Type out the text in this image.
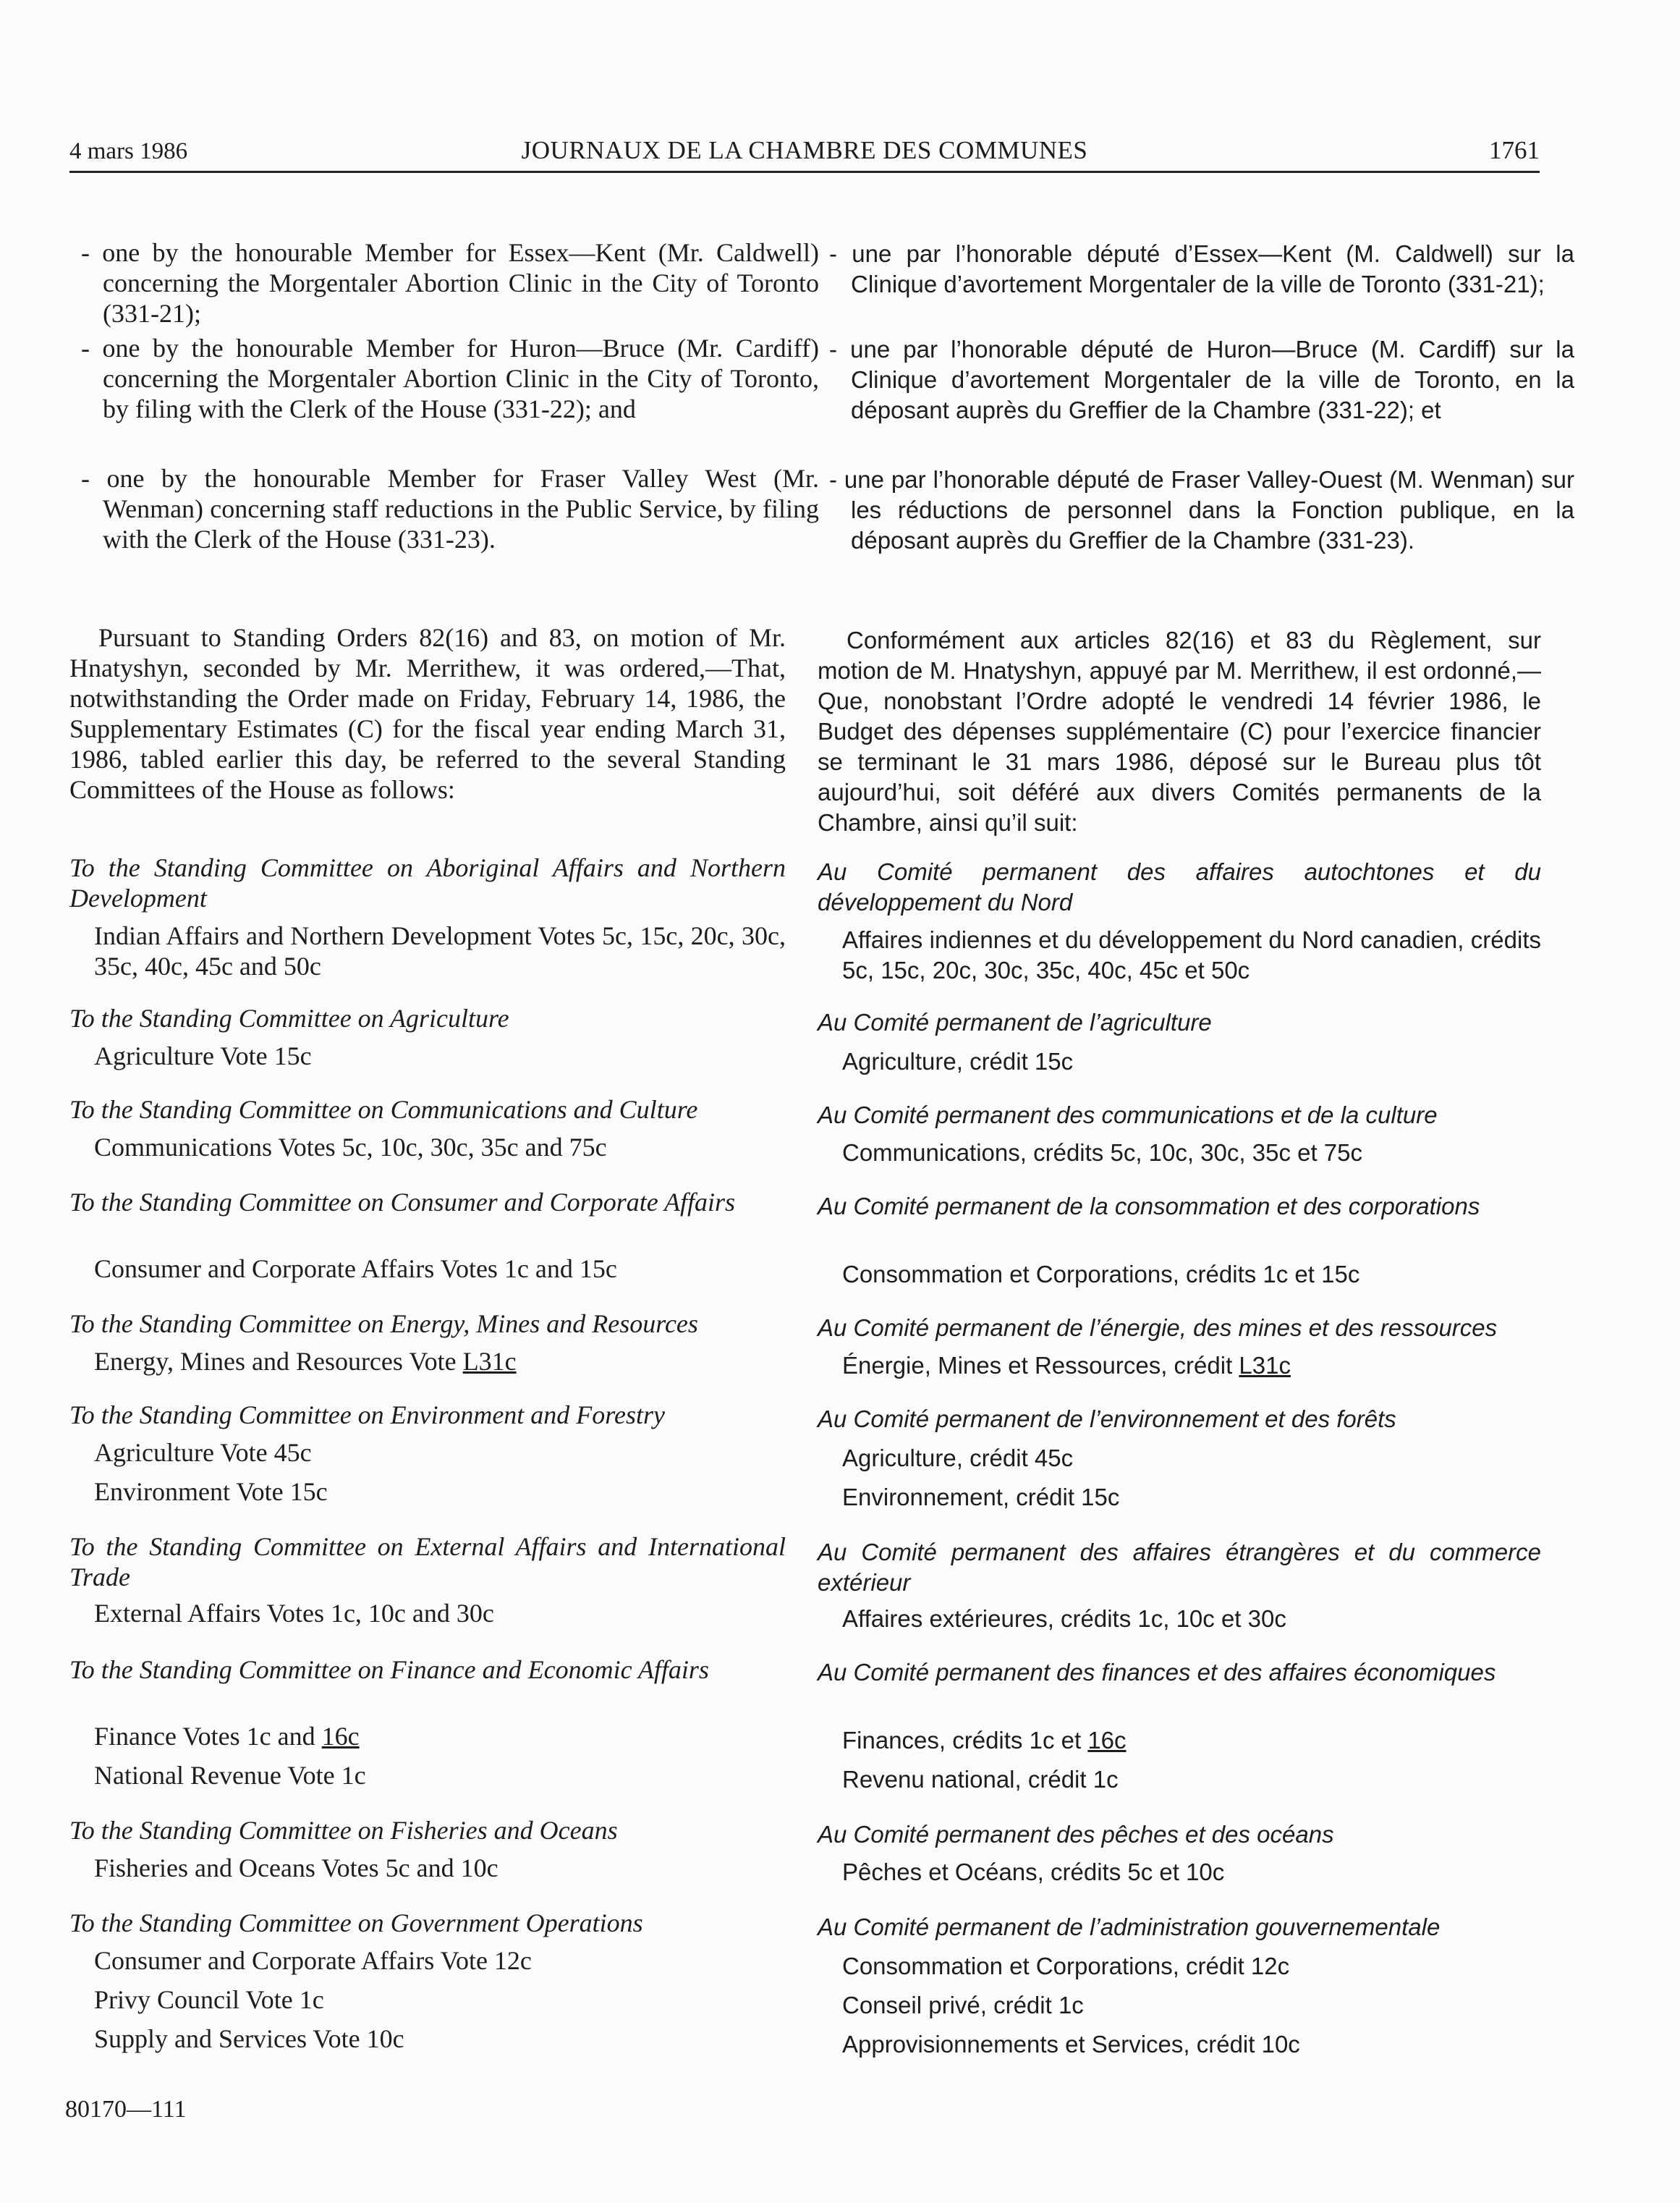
4 mars 1986	JOURNAUX DE LA CHAMBRE DES COMMUNES	1761
- one by the honourable Member for Essex—Kent (Mr. Caldwell) concerning the Morgentaler Abortion Clinic in the City of Toronto (331-21);
- one by the honourable Member for Huron—Bruce (Mr. Cardiff) concerning the Morgentaler Abortion Clinic in the City of Toronto, by filing with the Clerk of the House (331-22); and
- one by the honourable Member for Fraser Valley West (Mr. Wenman) concerning staff reductions in the Public Service, by filing with the Clerk of the House (331-23).
Pursuant to Standing Orders 82(16) and 83, on motion of Mr. Hnatyshyn, seconded by Mr. Merrithew, it was ordered,—That, notwithstanding the Order made on Friday, February 14, 1986, the Supplementary Estimates (C) for the fiscal year ending March 31, 1986, tabled earlier this day, be referred to the several Standing Committees of the House as follows:
To the Standing Committee on Aboriginal Affairs and Northern Development
Indian Affairs and Northern Development Votes 5c, 15c, 20c, 30c, 35c, 40c, 45c and 50c
To the Standing Committee on Agriculture
Agriculture Vote 15c
To the Standing Committee on Communications and Culture
Communications Votes 5c, 10c, 30c, 35c and 75c
To the Standing Committee on Consumer and Corporate Affairs
Consumer and Corporate Affairs Votes 1c and 15c
To the Standing Committee on Energy, Mines and Resources
Energy, Mines and Resources Vote L31c
To the Standing Committee on Environment and Forestry
Agriculture Vote 45c
Environment Vote 15c
To the Standing Committee on External Affairs and International Trade
External Affairs Votes 1c, 10c and 30c
To the Standing Committee on Finance and Economic Affairs
Finance Votes 1c and 16c
National Revenue Vote 1c
To the Standing Committee on Fisheries and Oceans
Fisheries and Oceans Votes 5c and 10c
To the Standing Committee on Government Operations
Consumer and Corporate Affairs Vote 12c
Privy Council Vote 1c
Supply and Services Vote 10c
- une par l’honorable député d’Essex—Kent (M. Caldwell) sur la Clinique d’avortement Morgentaler de la ville de Toronto (331-21);
- une par l’honorable député de Huron—Bruce (M. Cardiff) sur la Clinique d’avortement Morgentaler de la ville de Toronto, en la déposant auprès du Greffier de la Chambre (331-22); et
- une par l’honorable député de Fraser Valley-Ouest (M. Wenman) sur les réductions de personnel dans la Fonction publique, en la déposant auprès du Greffier de la Chambre (331-23).
Conformément aux articles 82(16) et 83 du Règlement, sur motion de M. Hnatyshyn, appuyé par M. Merrithew, il est ordonné,—Que, nonobstant l’Ordre adopté le vendredi 14 février 1986, le Budget des dépenses supplémentaire (C) pour l’exercice financier se terminant le 31 mars 1986, déposé sur le Bureau plus tôt aujourd’hui, soit déféré aux divers Comités permanents de la Chambre, ainsi qu’il suit:
Au Comité permanent des affaires autochtones et du développement du Nord
Affaires indiennes et du développement du Nord canadien, crédits 5c, 15c, 20c, 30c, 35c, 40c, 45c et 50c
Au Comité permanent de l’agriculture
Agriculture, crédit 15c
Au Comité permanent des communications et de la culture
Communications, crédits 5c, 10c, 30c, 35c et 75c
Au Comité permanent de la consommation et des corporations
Consommation et Corporations, crédits 1c et 15c
Au Comité permanent de l’énergie, des mines et des ressources
Énergie, Mines et Ressources, crédit L31c
Au Comité permanent de l’environnement et des forêts
Agriculture, crédit 45c
Environnement, crédit 15c
Au Comité permanent des affaires étrangères et du commerce extérieur
Affaires extérieures, crédits 1c, 10c et 30c
Au Comité permanent des finances et des affaires économiques
Finances, crédits 1c et 16c
Revenu national, crédit 1c
Au Comité permanent des pêches et des océans
Pêches et Océans, crédits 5c et 10c
Au Comité permanent de l’administration gouvernementale
Consommation et Corporations, crédit 12c
Conseil privé, crédit 1c
Approvisionnements et Services, crédit 10c
80170—111
